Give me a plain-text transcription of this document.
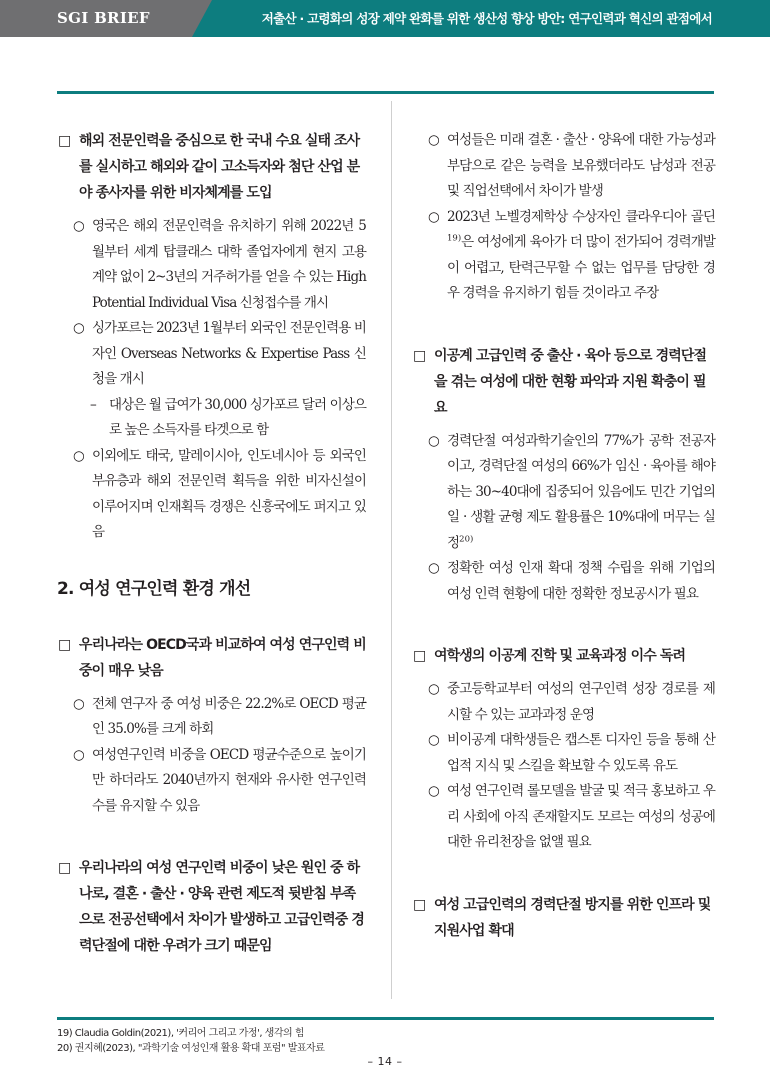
SGI BRIEF	저출산 · 고령화의 성장 제약 완화를 위한 생산성 향상 방안: 연구인력과 혁신의 관점에서
□ 해외 전문인력을 중심으로 한 국내 수요 실태 조사를 실시하고 해외와 같이 고소득자와 첨단 산업 분야 종사자를 위한 비자체계를 도입
○ 영국은 해외 전문인력을 유치하기 위해 2022년 5월부터 세계 탑클래스 대학 졸업자에게 현지 고용계약 없이 2~3년의 거주허가를 얻을 수 있는 High Potential Individual Visa 신청접수를 개시
○ 싱가포르는 2023년 1월부터 외국인 전문인력용 비자인 Overseas Networks & Expertise Pass 신청을 개시
– 대상은 월 급여가 30,000 싱가포르 달러 이상으로 높은 소득자를 타겟으로 함
○ 이외에도 태국, 말레이시아, 인도네시아 등 외국인 부유층과 해외 전문인력 획득을 위한 비자신설이 이루어지며 인재획득 경쟁은 신흥국에도 퍼지고 있음
2. 여성 연구인력 환경 개선
□ 우리나라는 OECD국과 비교하여 여성 연구인력 비중이 매우 낮음
○ 전체 연구자 중 여성 비중은 22.2%로 OECD 평균인 35.0%를 크게 하회
○ 여성연구인력 비중을 OECD 평균수준으로 높이기만 하더라도 2040년까지 현재와 유사한 연구인력수를 유지할 수 있음
□ 우리나라의 여성 연구인력 비중이 낮은 원인 중 하나로, 결혼 · 출산 · 양육 관련 제도적 뒷받침 부족으로 전공선택에서 차이가 발생하고 고급인력중 경력단절에 대한 우려가 크기 때문임
○ 여성들은 미래 결혼 · 출산 · 양육에 대한 가능성과 부담으로 같은 능력을 보유했더라도 남성과 전공 및 직업선택에서 차이가 발생
○ 2023년 노벨경제학상 수상자인 클라우디아 골딘$^{19)}$은 여성에게 육아가 더 많이 전가되어 경력개발이 어렵고, 탄력근무할 수 없는 업무를 담당한 경우 경력을 유지하기 힘들 것이라고 주장
□ 이공계 고급인력 중 출산 · 육아 등으로 경력단절을 겪는 여성에 대한 현황 파악과 지원 확충이 필요
○ 경력단절 여성과학기술인의 77%가 공학 전공자이고, 경력단절 여성의 66%가 임신 · 육아를 해야 하는 30~40대에 집중되어 있음에도 민간 기업의 일 · 생활 균형 제도 활용률은 10%대에 머무는 실정$^{20)}$
○ 정확한 여성 인재 확대 정책 수립을 위해 기업의 여성 인력 현황에 대한 정확한 정보공시가 필요
□ 여학생의 이공계 진학 및 교육과정 이수 독려
○ 중고등학교부터 여성의 연구인력 성장 경로를 제시할 수 있는 교과과정 운영
○ 비이공계 대학생들은 캡스톤 디자인 등을 통해 산업적 지식 및 스킬을 확보할 수 있도록 유도
○ 여성 연구인력 롤모델을 발굴 및 적극 홍보하고 우리 사회에 아직 존재할지도 모르는 여성의 성공에 대한 유리천장을 없앨 필요
□ 여성 고급인력의 경력단절 방지를 위한 인프라 및 지원사업 확대
19) Claudia Goldin(2021), '커리어 그리고 가정', 생각의 힘
20) 권지혜(2023), "과학기술 여성인재 활용 확대 포럼" 발표자료
– 14 –
